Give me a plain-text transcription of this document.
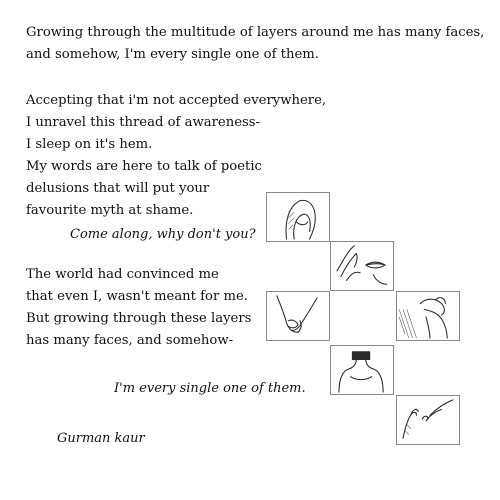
Growing through the multitude of layers around me has many faces,

and somehow, I'm every single one of them.

Accepting that i'm not accepted everywhere,

I unravel this thread of awareness-

I sleep on it's hem.

My words are here to talk of poetic

delusions that will put your

favourite myth at shame.

Come along, why don't you?

The world had convinced me

that even I, wasn't meant for me.

But growing through these layers

has many faces, and somehow-

I'm every single one of them.

Gurman kaur
